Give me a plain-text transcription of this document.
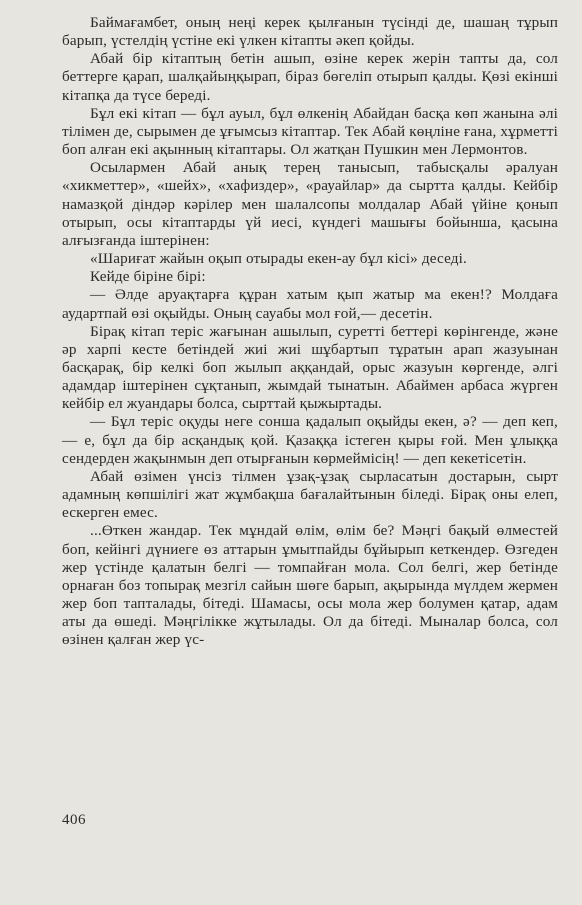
Баймағамбет, оның неңі керек қылғанын түсінді де, шашаң тұрып барып, үстелдің үстіне екі үлкен кітапты әкеп қойды.

Абай бір кітаптың бетін ашып, өзіне керек жерін тапты да, сол беттерге қарап, шалқайыңқырап, біраз бөгеліп отырып қалды. Қөзі екінші кітапқа да түсе береді.

Бұл екі кітап — бұл ауыл, бұл өлкенің Абайдан басқа көп жанына әлі тілімен де, сырымен де ұғымсыз кітаптар. Тек Абай көңліне ғана, хұрметті боп алған екі ақынның кітаптары. Ол жатқан Пушкин мен Лермонтов.

Осылармен Абай анық терең танысып, табысқалы әралуан «хикметтер», «шейх», «хафиздер», «рауайлар» да сыртта қалды. Кейбір намазқой діндәр кәрілер мен шалалсопы молдалар Абай үйіне қонып отырып, осы кітаптарды үй иесі, күндегі машығы бойынша, қасына алғызғанда іштерінен:

«Шариғат жайын оқып отырады екен-ау бұл кісі» деседі.

Кейде біріне бірі:

— Әлде аруақтарға құран хатым қып жатыр ма екен!? Молдаға аудартпай өзі оқыйды. Оның сауабы мол ғой,— десетін.

Бірақ кітап теріс жағынан ашылып, суретті беттері көрінгенде, және әр харпі кесте бетіндей жиі жиі шұбартып тұратын арап жазуынан басқарақ, бір келкі боп жылып аққандай, орыс жазуын көргенде, әлгі адамдар іштерінен сұқтанып, жымдай тынатын. Абаймен арбаса жүрген кейбір ел жуандары болса, сырттай қыжыртады.

— Бұл теріс оқуды неге сонша қадалып оқыйды екен, ә? — деп кеп, — е, бұл да бір асқандық қой. Қазаққа істеген қыры ғой. Мен ұлыққа сендерден жақынмын деп отырғанын көрмеймісің! — деп кекетісетін.

Абай өзімен үнсіз тілмен ұзақ-ұзақ сырласатын достарын, сырт адамның көпшілігі жат жұмбақша бағалайтынын біледі. Бірақ оны елеп, ескерген емес.

...Өткен жандар. Тек мұндай өлім, өлім бе? Мәңгі бақый өлместей боп, кейінгі дүниеге өз аттарын ұмытпайды бұйырып кеткендер. Өзгеден жер үстінде қалатын белгі — томпайған мола. Сол белгі, жер бетінде орнаған боз топырақ мезгіл сайын шөге барып, ақырында мүлдем жермен жер боп тапталады, бітеді. Шамасы, осы мола жер болумен қатар, адам аты да өшеді. Мәңгілікке жұтылады. Ол да бітеді. Мыналар болса, сол өзінен қалған жер үс-

406
